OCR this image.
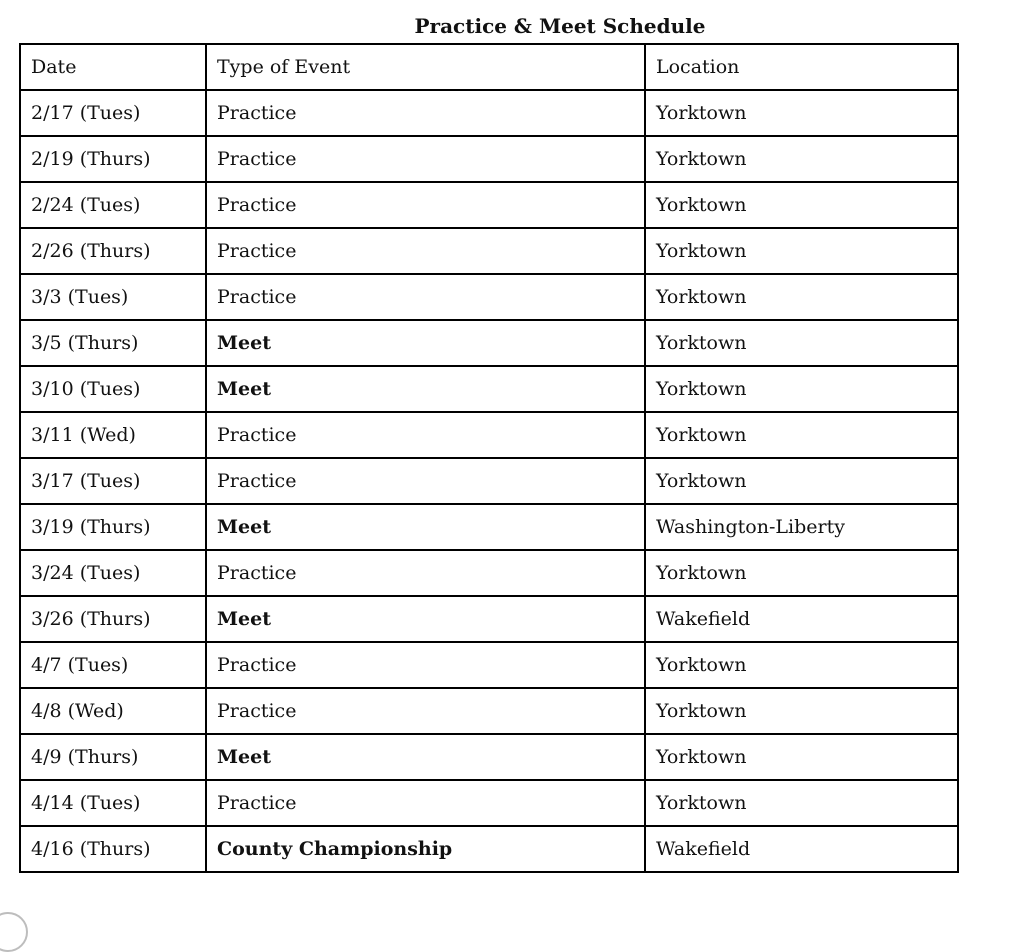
Practice & Meet Schedule
Date	Type of Event	Location
2/17 (Tues)	Practice	Yorktown
2/19 (Thurs)	Practice	Yorktown
2/24 (Tues)	Practice	Yorktown
2/26 (Thurs)	Practice	Yorktown
3/3 (Tues)	Practice	Yorktown
3/5 (Thurs)	Meet	Yorktown
3/10 (Tues)	Meet	Yorktown
3/11 (Wed)	Practice	Yorktown
3/17 (Tues)	Practice	Yorktown
3/19 (Thurs)	Meet	Washington-Liberty
3/24 (Tues)	Practice	Yorktown
3/26 (Thurs)	Meet	Wakefield
4/7 (Tues)	Practice	Yorktown
4/8 (Wed)	Practice	Yorktown
4/9 (Thurs)	Meet	Yorktown
4/14 (Tues)	Practice	Yorktown
4/16 (Thurs)	County Championship	Wakefield
